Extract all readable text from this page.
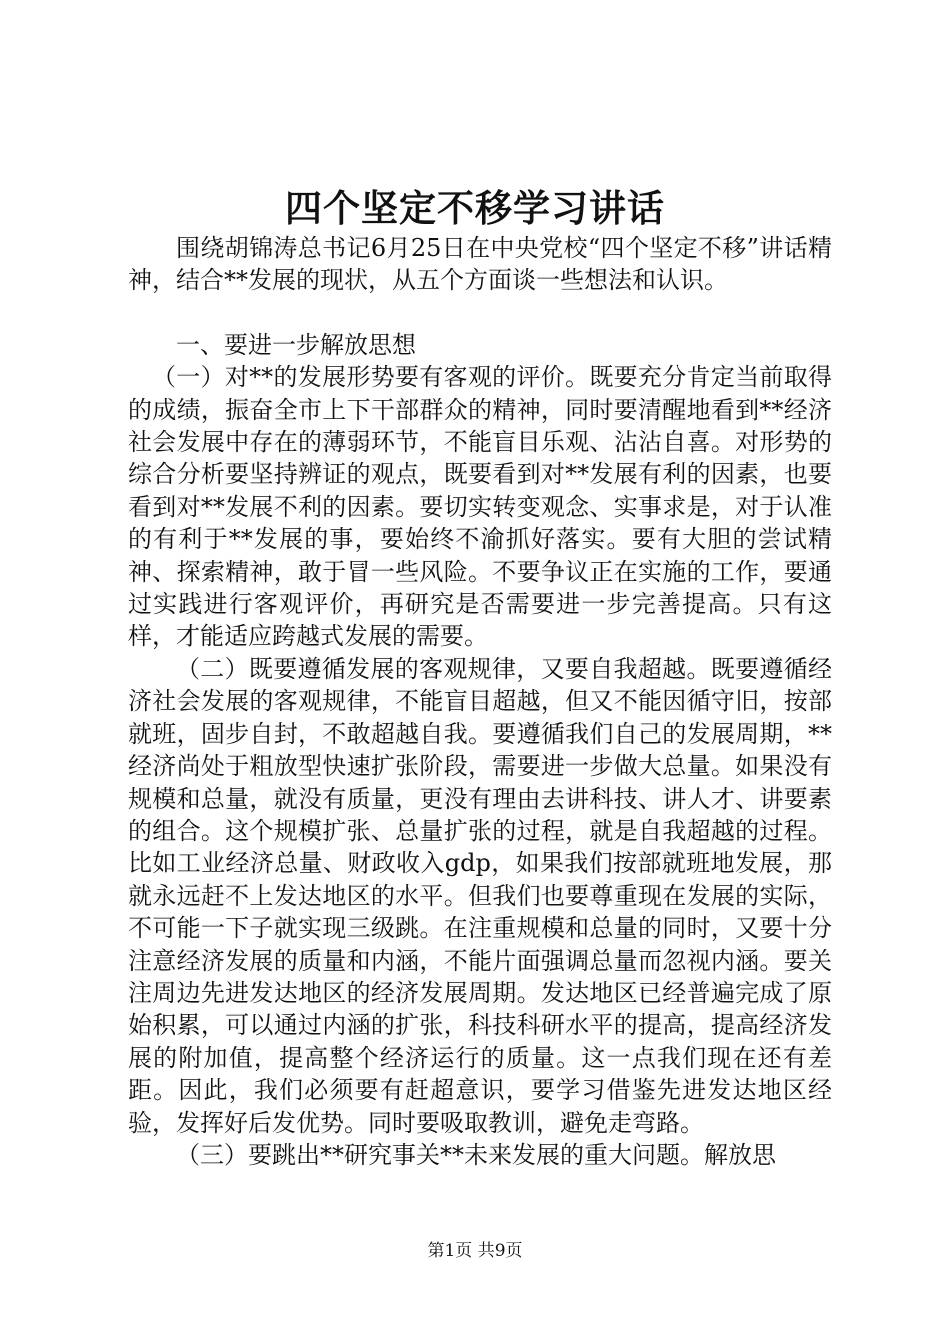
四个坚定不移学习讲话

围绕胡锦涛总书记6月25日在中央党校“四个坚定不移”讲话精神，结合**发展的现状，从五个方面谈一些想法和认识。

一、要进一步解放思想

（一）对**的发展形势要有客观的评价。既要充分肯定当前取得的成绩，振奋全市上下干部群众的精神，同时要清醒地看到**经济社会发展中存在的薄弱环节，不能盲目乐观、沾沾自喜。对形势的综合分析要坚持辨证的观点，既要看到对**发展有利的因素，也要看到对**发展不利的因素。要切实转变观念、实事求是，对于认准的有利于**发展的事，要始终不渝抓好落实。要有大胆的尝试精神、探索精神，敢于冒一些风险。不要争议正在实施的工作，要通过实践进行客观评价，再研究是否需要进一步完善提高。只有这样，才能适应跨越式发展的需要。

（二）既要遵循发展的客观规律，又要自我超越。既要遵循经济社会发展的客观规律，不能盲目超越，但又不能因循守旧，按部就班，固步自封，不敢超越自我。要遵循我们自己的发展周期，**经济尚处于粗放型快速扩张阶段，需要进一步做大总量。如果没有规模和总量，就没有质量，更没有理由去讲科技、讲人才、讲要素的组合。这个规模扩张、总量扩张的过程，就是自我超越的过程。比如工业经济总量、财政收入gdp，如果我们按部就班地发展，那就永远赶不上发达地区的水平。但我们也要尊重现在发展的实际，不可能一下子就实现三级跳。在注重规模和总量的同时，又要十分注意经济发展的质量和内涵，不能片面强调总量而忽视内涵。要关注周边先进发达地区的经济发展周期。发达地区已经普遍完成了原始积累，可以通过内涵的扩张，科技科研水平的提高，提高经济发展的附加值，提高整个经济运行的质量。这一点我们现在还有差距。因此，我们必须要有赶超意识，要学习借鉴先进发达地区经验，发挥好后发优势。同时要吸取教训，避免走弯路。

（三）要跳出**研究事关**未来发展的重大问题。解放思

第1页 共9页
